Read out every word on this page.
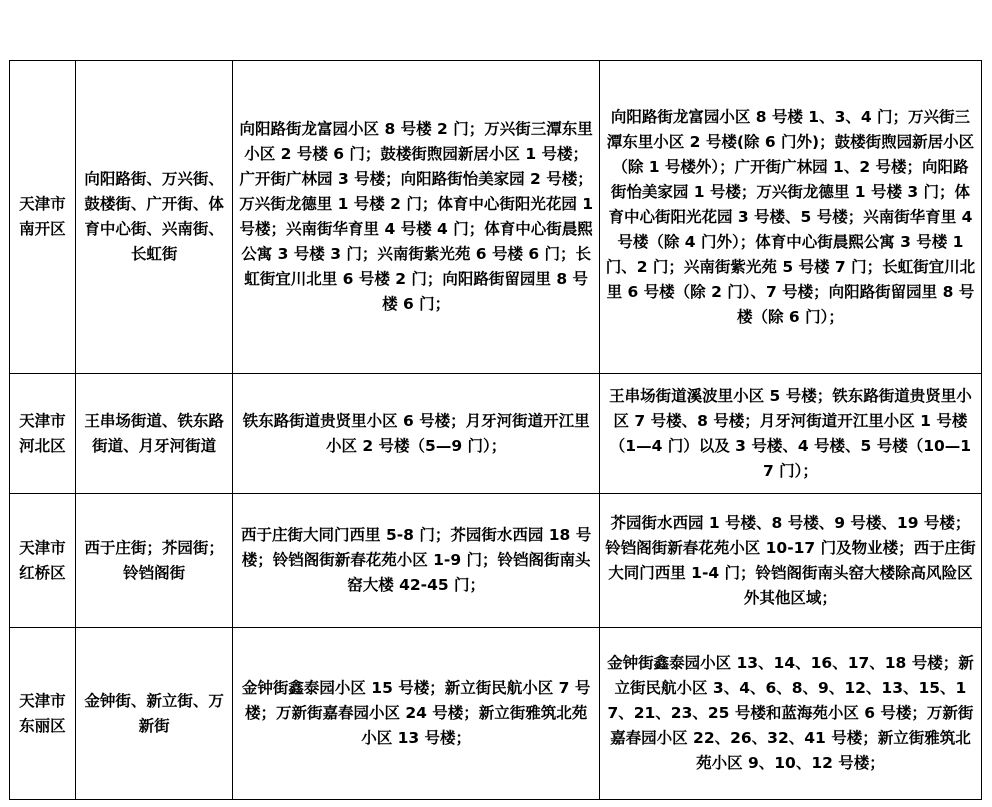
天津市南开区	向阳路街、万兴街、鼓楼街、广开街、体育中心街、兴南街、长虹街	向阳路街龙富园小区 8 号楼 2 门；万兴街三潭东里小区 2 号楼 6 门；鼓楼街煦园新居小区 1 号楼；广开街广林园 3 号楼；向阳路街怡美家园 2 号楼；万兴街龙德里 1 号楼 2 门；体育中心街阳光花园 1 号楼；兴南街华育里 4 号楼 4 门；体育中心街晨熙公寓 3 号楼 3 门；兴南街紫光苑 6 号楼 6 门；长虹街宜川北里 6 号楼 2 门；向阳路街留园里 8 号楼 6 门；	向阳路街龙富园小区 8 号楼 1、3、4 门；万兴街三潭东里小区 2 号楼(除 6 门外)；鼓楼街煦园新居小区（除 1 号楼外）；广开街广林园 1、2 号楼；向阳路街怡美家园 1 号楼；万兴街龙德里 1 号楼 3 门；体育中心街阳光花园 3 号楼、5 号楼；兴南街华育里 4 号楼（除 4 门外）；体育中心街晨熙公寓 3 号楼 1 门、2 门；兴南街紫光苑 5 号楼 7 门；长虹街宜川北里 6 号楼（除 2 门）、7 号楼；向阳路街留园里 8 号楼（除 6 门）；
天津市河北区	王串场街道、铁东路街道、月牙河街道	铁东路街道贵贤里小区 6 号楼；月牙河街道开江里小区 2 号楼（5—9 门）；	王串场街道溪波里小区 5 号楼；铁东路街道贵贤里小区 7 号楼、8 号楼；月牙河街道开江里小区 1 号楼（1—4 门）以及 3 号楼、4 号楼、5 号楼（10—17 门）；
天津市红桥区	西于庄街；芥园街；铃铛阁街	西于庄街大同门西里 5-8 门；芥园街水西园 18 号楼；铃铛阁街新春花苑小区 1-9 门；铃铛阁街南头窑大楼 42-45 门；	芥园街水西园 1 号楼、8 号楼、9 号楼、19 号楼；铃铛阁街新春花苑小区 10-17 门及物业楼；西于庄街大同门西里 1-4 门；铃铛阁街南头窑大楼除高风险区外其他区域；
天津市东丽区	金钟街、新立街、万新街	金钟街鑫泰园小区 15 号楼；新立街民航小区 7 号楼；万新街嘉春园小区 24 号楼；新立街雅筑北苑小区 13 号楼；	金钟街鑫泰园小区 13、14、16、17、18 号楼；新立街民航小区 3、4、6、8、9、12、13、15、17、21、23、25 号楼和蓝海苑小区 6 号楼；万新街嘉春园小区 22、26、32、41 号楼；新立街雅筑北苑小区 9、10、12 号楼；
